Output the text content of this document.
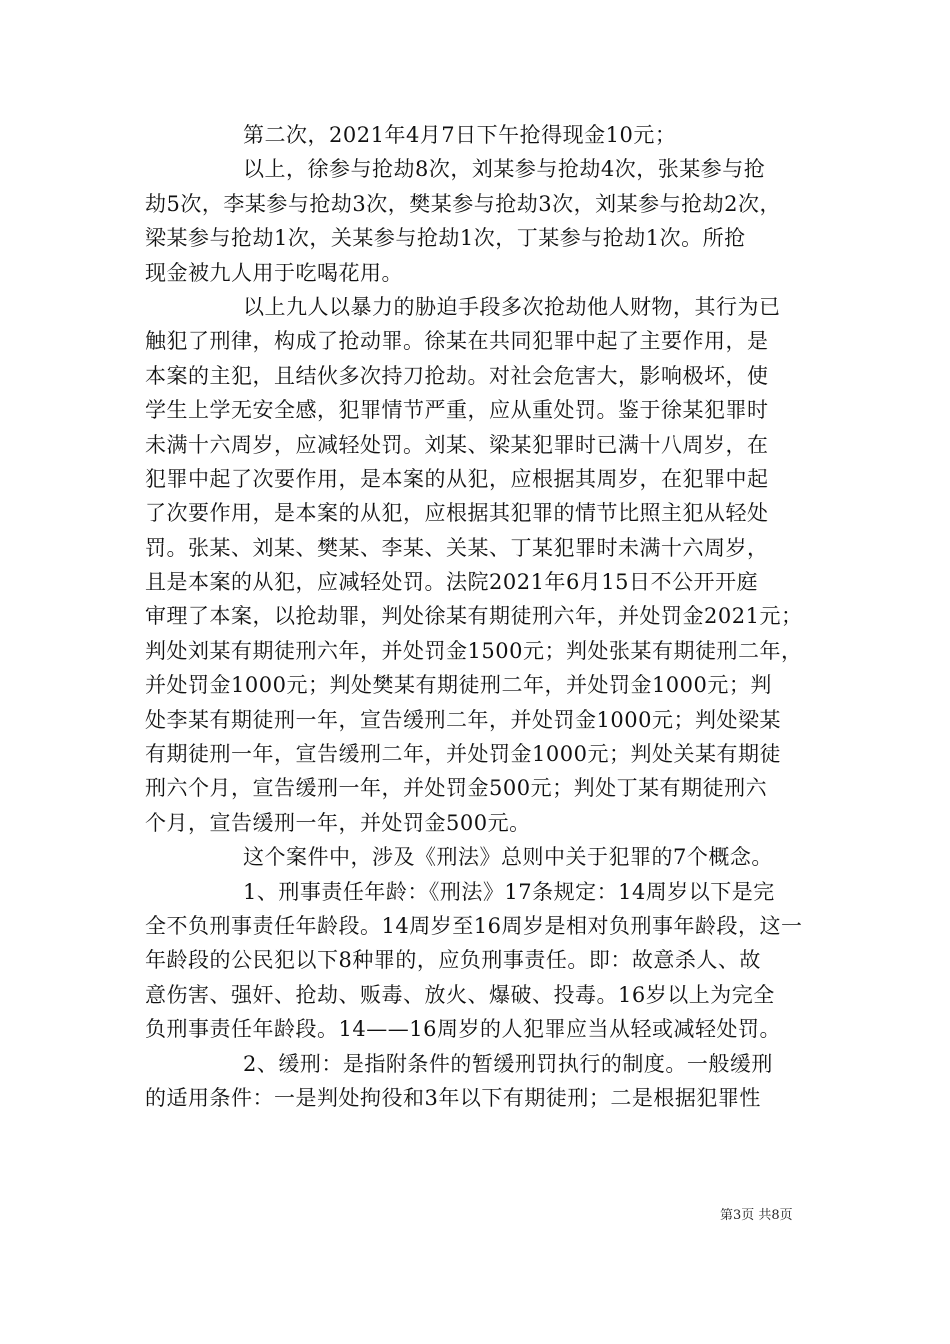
第二次，2021年4月7日下午抢得现金10元；
以上，徐参与抢劫8次，刘某参与抢劫4次，张某参与抢
劫5次，李某参与抢劫3次，樊某参与抢劫3次，刘某参与抢劫2次，
梁某参与抢劫1次，关某参与抢劫1次，丁某参与抢劫1次。所抢
现金被九人用于吃喝花用。
以上九人以暴力的胁迫手段多次抢劫他人财物，其行为已
触犯了刑律，构成了抢动罪。徐某在共同犯罪中起了主要作用，是
本案的主犯，且结伙多次持刀抢劫。对社会危害大，影响极坏，使
学生上学无安全感，犯罪情节严重，应从重处罚。鉴于徐某犯罪时
未满十六周岁，应减轻处罚。刘某、梁某犯罪时已满十八周岁，在
犯罪中起了次要作用，是本案的从犯，应根据其周岁，在犯罪中起
了次要作用，是本案的从犯，应根据其犯罪的情节比照主犯从轻处
罚。张某、刘某、樊某、李某、关某、丁某犯罪时未满十六周岁，
且是本案的从犯，应减轻处罚。法院2021年6月15日不公开开庭
审理了本案，以抢劫罪，判处徐某有期徒刑六年，并处罚金2021元；
判处刘某有期徒刑六年，并处罚金1500元；判处张某有期徒刑二年，
并处罚金1000元；判处樊某有期徒刑二年，并处罚金1000元；判
处李某有期徒刑一年，宣告缓刑二年，并处罚金1000元；判处梁某
有期徒刑一年，宣告缓刑二年，并处罚金1000元；判处关某有期徒
刑六个月，宣告缓刑一年，并处罚金500元；判处丁某有期徒刑六
个月，宣告缓刑一年，并处罚金500元。
这个案件中，涉及《刑法》总则中关于犯罪的7个概念。
1、刑事责任年龄：《刑法》17条规定：14周岁以下是完
全不负刑事责任年龄段。14周岁至16周岁是相对负刑事年龄段，这一
年龄段的公民犯以下8种罪的，应负刑事责任。即：故意杀人、故
意伤害、强奸、抢劫、贩毒、放火、爆破、投毒。16岁以上为完全
负刑事责任年龄段。14——16周岁的人犯罪应当从轻或减轻处罚。
2、缓刑：是指附条件的暂缓刑罚执行的制度。一般缓刑
的适用条件：一是判处拘役和3年以下有期徒刑；二是根据犯罪性
第3页 共8页
